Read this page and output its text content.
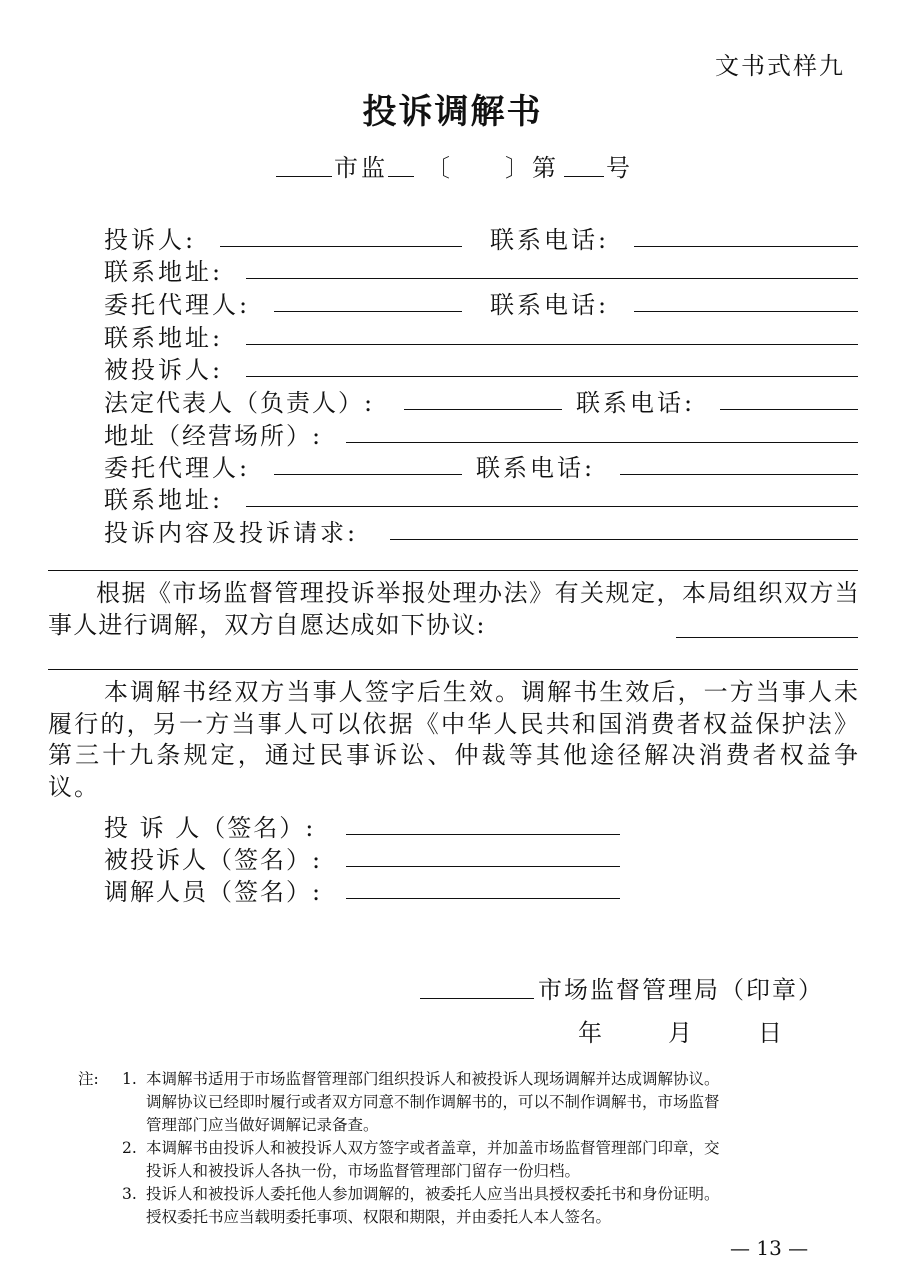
文书式样九
投诉调解书
市监 〔 〕第 号
投诉人:	联系电话:
联系地址:
委托代理人:	联系电话:
联系地址:
被投诉人:
法定代表人（负责人）:	联系电话:
地址（经营场所）:
委托代理人:	联系电话:
联系地址:
投诉内容及投诉请求:
根据《市场监督管理投诉举报处理办法》有关规定，本局组织双方当事人进行调解，双方自愿达成如下协议:
本调解书经双方当事人签字后生效。调解书生效后，一方当事人未履行的，另一方当事人可以依据《中华人民共和国消费者权益保护法》第三十九条规定，通过民事诉讼、仲裁等其他途径解决消费者权益争议。
投 诉 人（签名）:
被投诉人（签名）:
调解人员（签名）:
市场监督管理局（印章）
年　　月　　日
注: 1. 本调解书适用于市场监督管理部门组织投诉人和被投诉人现场调解并达成调解协议。
调解协议已经即时履行或者双方同意不制作调解书的，可以不制作调解书，市场监督
管理部门应当做好调解记录备查。
2. 本调解书由投诉人和被投诉人双方签字或者盖章，并加盖市场监督管理部门印章，交
投诉人和被投诉人各执一份，市场监督管理部门留存一份归档。
3. 投诉人和被投诉人委托他人参加调解的，被委托人应当出具授权委托书和身份证明。
授权委托书应当载明委托事项、权限和期限，并由委托人本人签名。
— 13 —
